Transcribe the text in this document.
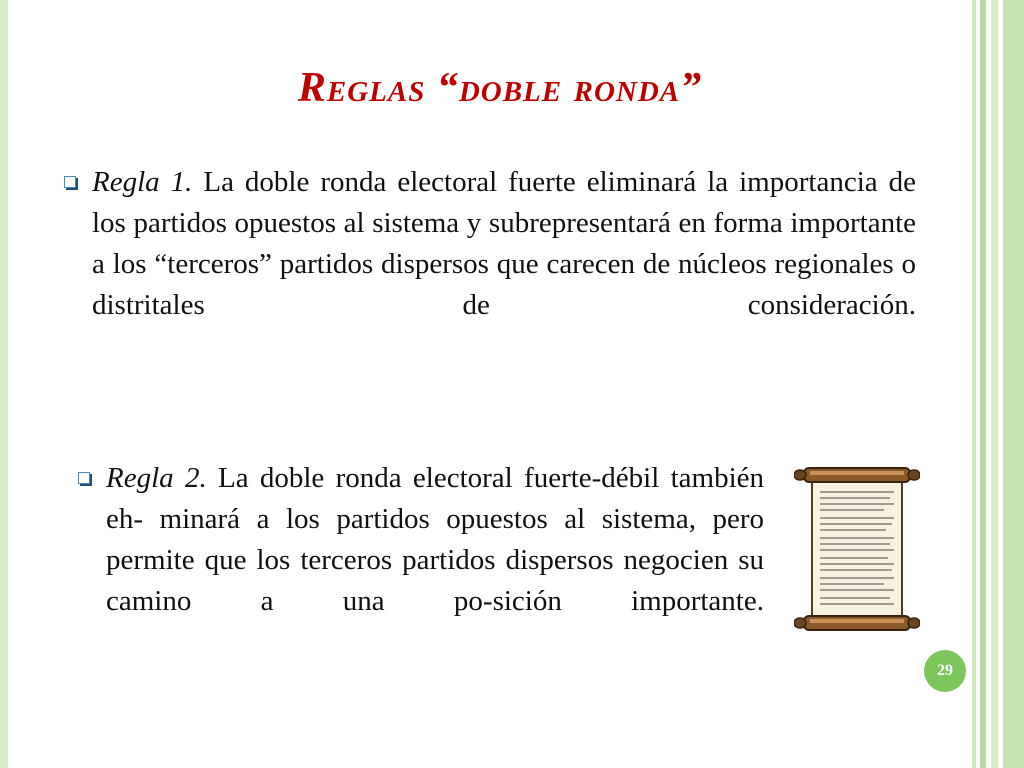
Reglas “doble ronda”

Regla 1. La doble ronda electoral fuerte eliminará la importancia de los partidos opuestos al sistema y subrepresentará en forma importante a los “terceros” partidos dispersos que carecen de núcleos regionales o distritales de consideración.

Regla 2. La doble ronda electoral fuerte-débil también eh- minará a los partidos opuestos al sistema, pero permite que los terceros partidos dispersos negocien su camino a una po-sición importante.

29
